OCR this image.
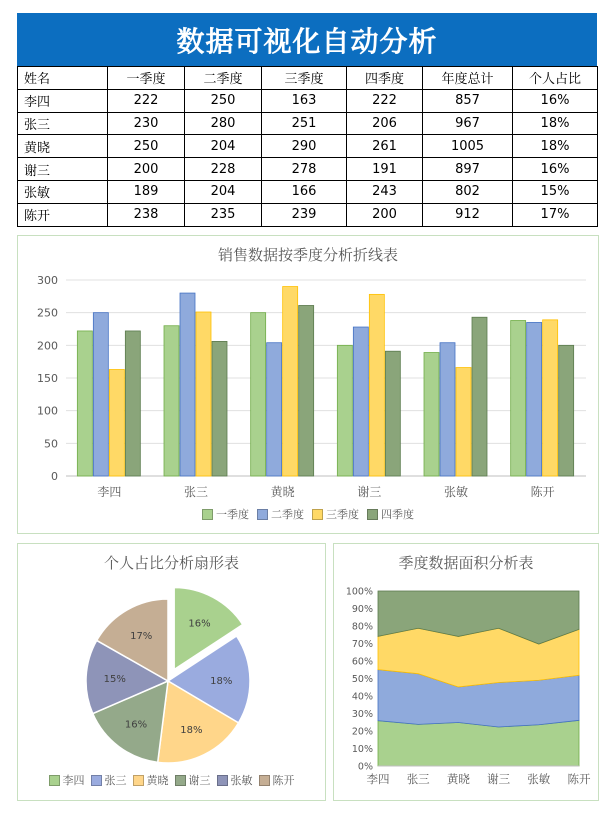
数据可视化自动分析
姓名	一季度	二季度	三季度	四季度	年度总计	个人占比
李四	222	250	163	222	857	16%
张三	230	280	251	206	967	18%
黄晓	250	204	290	261	1005	18%
谢三	200	228	278	191	897	16%
张敏	189	204	166	243	802	15%
陈开	238	235	239	200	912	17%
销售数据按季度分析折线表
0
50
100
150
200
250
300
李四	张三	黄晓	谢三	张敏	陈开
一季度 二季度 三季度 四季度
个人占比分析扇形表
16%
18%
18%
16%
15%
17%
李四 张三 黄晓 谢三 张敏 陈开
季度数据面积分析表
0%
10%
20%
30%
40%
50%
60%
70%
80%
90%
100%
李四 张三 黄晓 谢三 张敏 陈开
